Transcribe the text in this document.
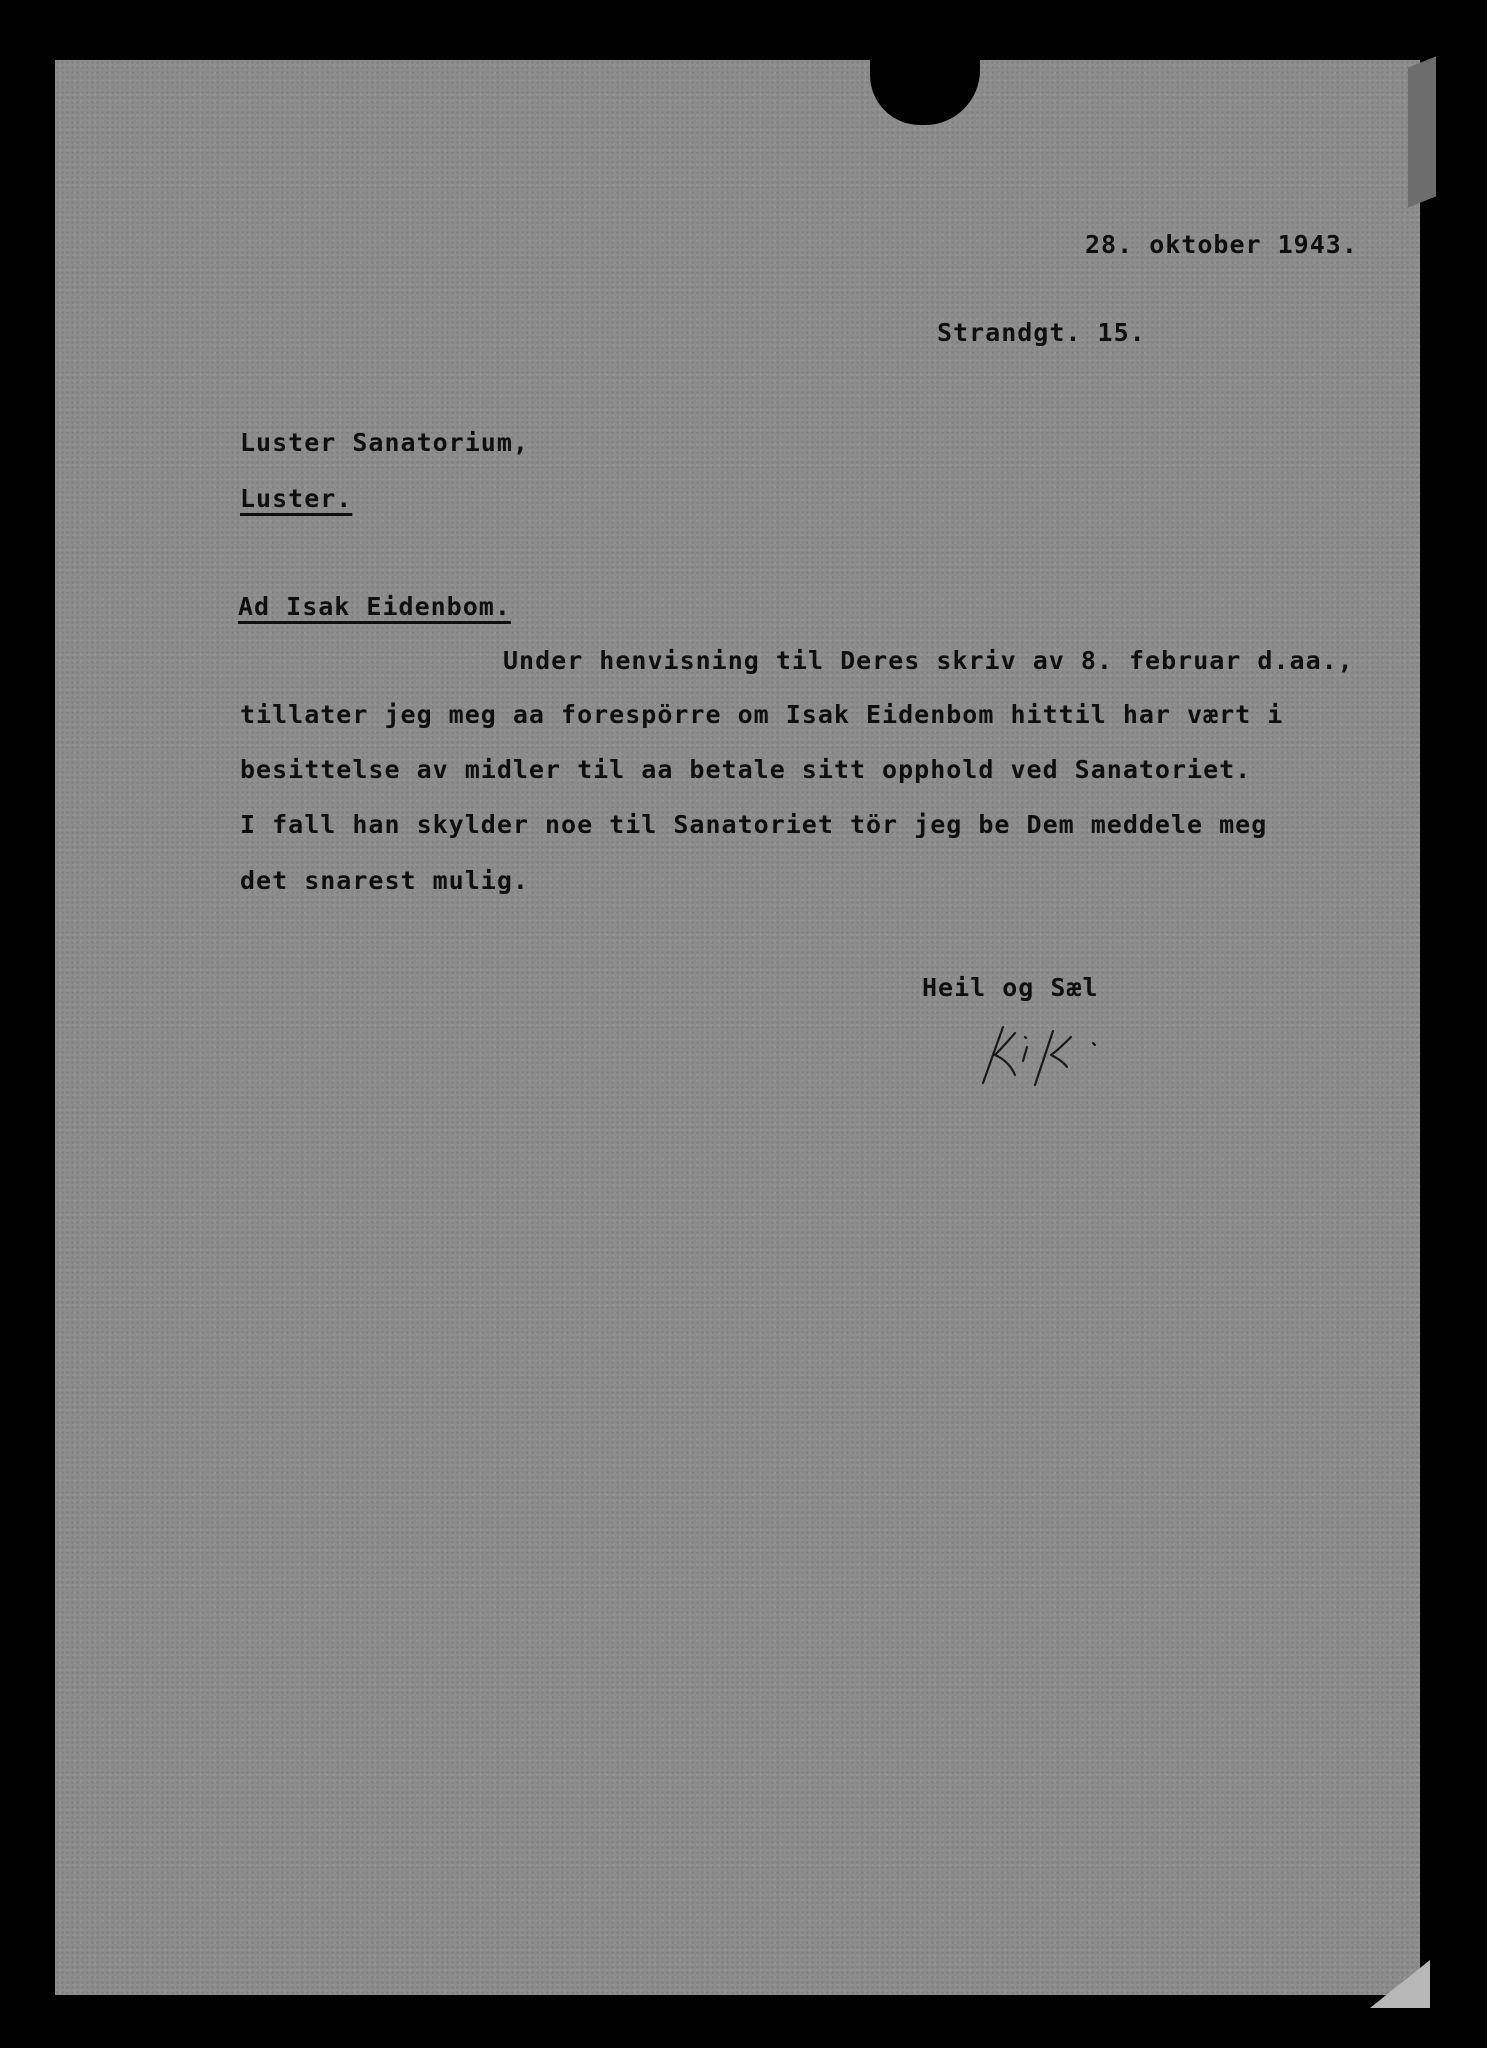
28. oktober 1943.
Strandgt. 15.
Luster Sanatorium,
Luster.
Ad Isak Eidenbom.
Under henvisning til Deres skriv av 8. februar d.aa.,
tillater jeg meg aa forespörre om Isak Eidenbom hittil har vært i
besittelse av midler til aa betale sitt opphold ved Sanatoriet.
I fall han skylder noe til Sanatoriet tör jeg be Dem meddele meg
det snarest mulig.
Heil og Sæl
